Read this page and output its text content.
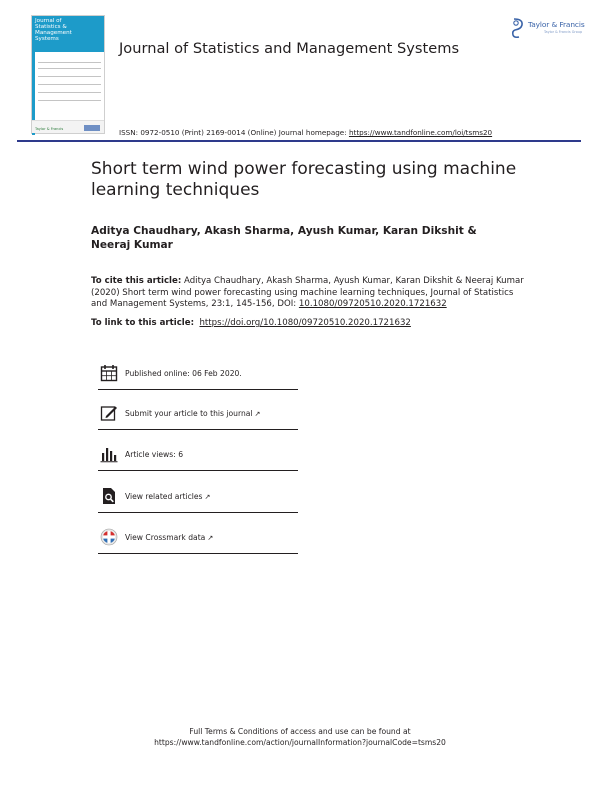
Journal of
Statistics &
Management Systems
Taylor & Francis
Journal of Statistics and Management Systems
Taylor & Francis
Taylor & Francis Group
ISSN: 0972-0510 (Print) 2169-0014 (Online) Journal homepage: https://www.tandfonline.com/loi/tsms20
Short term wind power forecasting using machine learning techniques
Aditya Chaudhary, Akash Sharma, Ayush Kumar, Karan Dikshit & Neeraj Kumar
To cite this article: Aditya Chaudhary, Akash Sharma, Ayush Kumar, Karan Dikshit & Neeraj Kumar (2020) Short term wind power forecasting using machine learning techniques, Journal of Statistics and Management Systems, 23:1, 145-156, DOI: 10.1080/09720510.2020.1721632
To link to this article: https://doi.org/10.1080/09720510.2020.1721632
Published online: 06 Feb 2020.
Submit your article to this journal ↗
Article views: 6
View related articles ↗
View Crossmark data ↗
Full Terms & Conditions of access and use can be found at
https://www.tandfonline.com/action/journalInformation?journalCode=tsms20
